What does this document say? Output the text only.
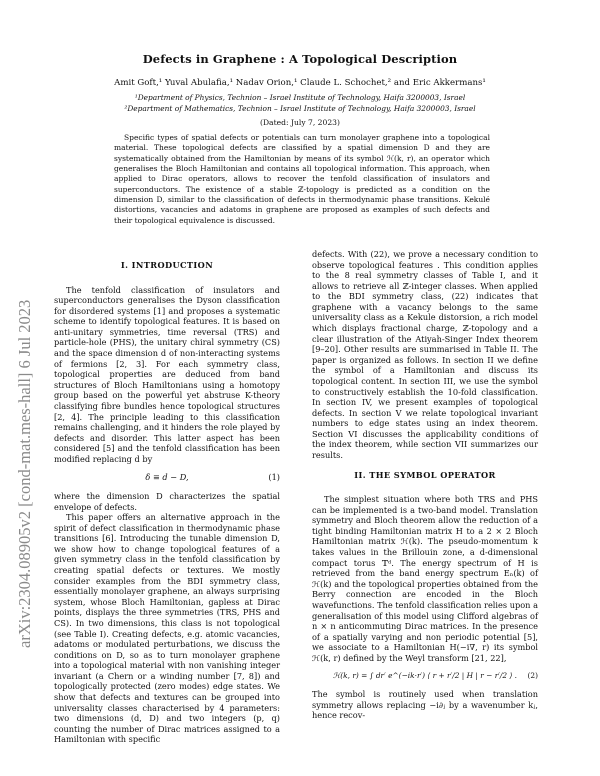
arXiv:2304.08905v2 [cond-mat.mes-hall] 6 Jul 2023
Defects in Graphene : A Topological Description
Amit Goft,¹ Yuval Abulafia,¹ Nadav Orion,¹ Claude L. Schochet,² and Eric Akkermans¹
¹Department of Physics, Technion – Israel Institute of Technology, Haifa 3200003, Israel
²Department of Mathematics, Technion – Israel Institute of Technology, Haifa 3200003, Israel
(Dated: July 7, 2023)

Specific types of spatial defects or potentials can turn monolayer graphene into a topological material. These topological defects are classified by a spatial dimension D and they are systematically obtained from the Hamiltonian by means of its symbol ℋ(k, r), an operator which generalises the Bloch Hamiltonian and contains all topological information. This approach, when applied to Dirac operators, allows to recover the tenfold classification of insulators and superconductors. The existence of a stable ℤ-topology is predicted as a condition on the dimension D, similar to the classification of defects in thermodynamic phase transitions. Kekulé distortions, vacancies and adatoms in graphene are proposed as examples of such defects and their topological equivalence is discussed.

I. INTRODUCTION

The tenfold classification of insulators and superconductors generalises the Dyson classification for disordered systems [1] and proposes a systematic scheme to identify topological features. It is based on anti-unitary symmetries, time reversal (TRS) and particle-hole (PHS), the unitary chiral symmetry (CS) and the space dimension d of non-interacting systems of fermions [2, 3]. For each symmetry class, topological properties are deduced from band structures of Bloch Hamiltonians using a homotopy group based on the powerful yet abstruse K-theory classifying fibre bundles hence topological structures [2, 4]. The principle leading to this classification remains challenging, and it hinders the role played by defects and disorder. This latter aspect has been considered [5] and the tenfold classification has been modified replacing d by

δ ≡ d − D,	(1)

where the dimension D characterizes the spatial envelope of defects.

This paper offers an alternative approach in the spirit of defect classification in thermodynamic phase transitions [6]. Introducing the tunable dimension D, we show how to change topological features of a given symmetry class in the tenfold classification by creating spatial defects or textures. We mostly consider examples from the BDI symmetry class, essentially monolayer graphene, an always surprising system, whose Bloch Hamiltonian, gapless at Dirac points, displays the three symmetries (TRS, PHS and CS). In two dimensions, this class is not topological (see Table I). Creating defects, e.g. atomic vacancies, adatoms or modulated perturbations, we discuss the conditions on D, so as to turn monolayer graphene into a topological material with non vanishing integer invariant (a Chern or a winding number [7, 8]) and topologically protected (zero modes) edge states. We show that defects and textures can be grouped into universality classes characterised by 4 parameters: two dimensions (d, D) and two integers (p, q) counting the number of Dirac matrices assigned to a Hamiltonian with specific

defects. With (22), we prove a necessary condition to observe topological features . This condition applies to the 8 real symmetry classes of Table I, and it allows to retrieve all ℤ-integer classes. When applied to the BDI symmetry class, (22) indicates that graphene with a vacancy belongs to the same universality class as a Kekule distorsion, a rich model which displays fractional charge, ℤ-topology and a clear illustration of the Atiyah-Singer Index theorem [9–20]. Other results are summarised in Table II. The paper is organized as follows. In section II we define the symbol of a Hamiltonian and discuss its topological content. In section III, we use the symbol to constructively establish the 10-fold classification. In section IV, we present examples of topological defects. In section V we relate topological invariant numbers to edge states using an index theorem. Section VI discusses the applicability conditions of the index theorem, while section VII summarizes our results.

II. THE SYMBOL OPERATOR

The simplest situation where both TRS and PHS can be implemented is a two-band model. Translation symmetry and Bloch theorem allow the reduction of a tight binding Hamiltonian matrix H to a 2 × 2 Bloch Hamiltonian matrix ℋ(k). The pseudo-momentum k takes values in the Brillouin zone, a d-dimensional compact torus 𝕋ᵈ. The energy spectrum of H is retrieved from the band energy spectrum Eₙ(k) of ℋ(k) and the topological properties obtained from the Berry connection are encoded in the Bloch wavefunctions. The tenfold classification relies upon a generalisation of this model using Clifford algebras of n × n anticommuting Dirac matrices. In the presence of a spatially varying and non periodic potential [5], we associate to a Hamiltonian H(−i∇, r) its symbol ℋ(k, r) defined by the Weyl transform [21, 22],

ℋ(k, r) = ∫ dr′ e^(−ik·r′) ⟨ r + r′/2 | H | r − r′/2 ⟩ . (2)

The symbol is routinely used when translation symmetry allows replacing −i∂ⱼ by a wavenumber kⱼ, hence recov-
